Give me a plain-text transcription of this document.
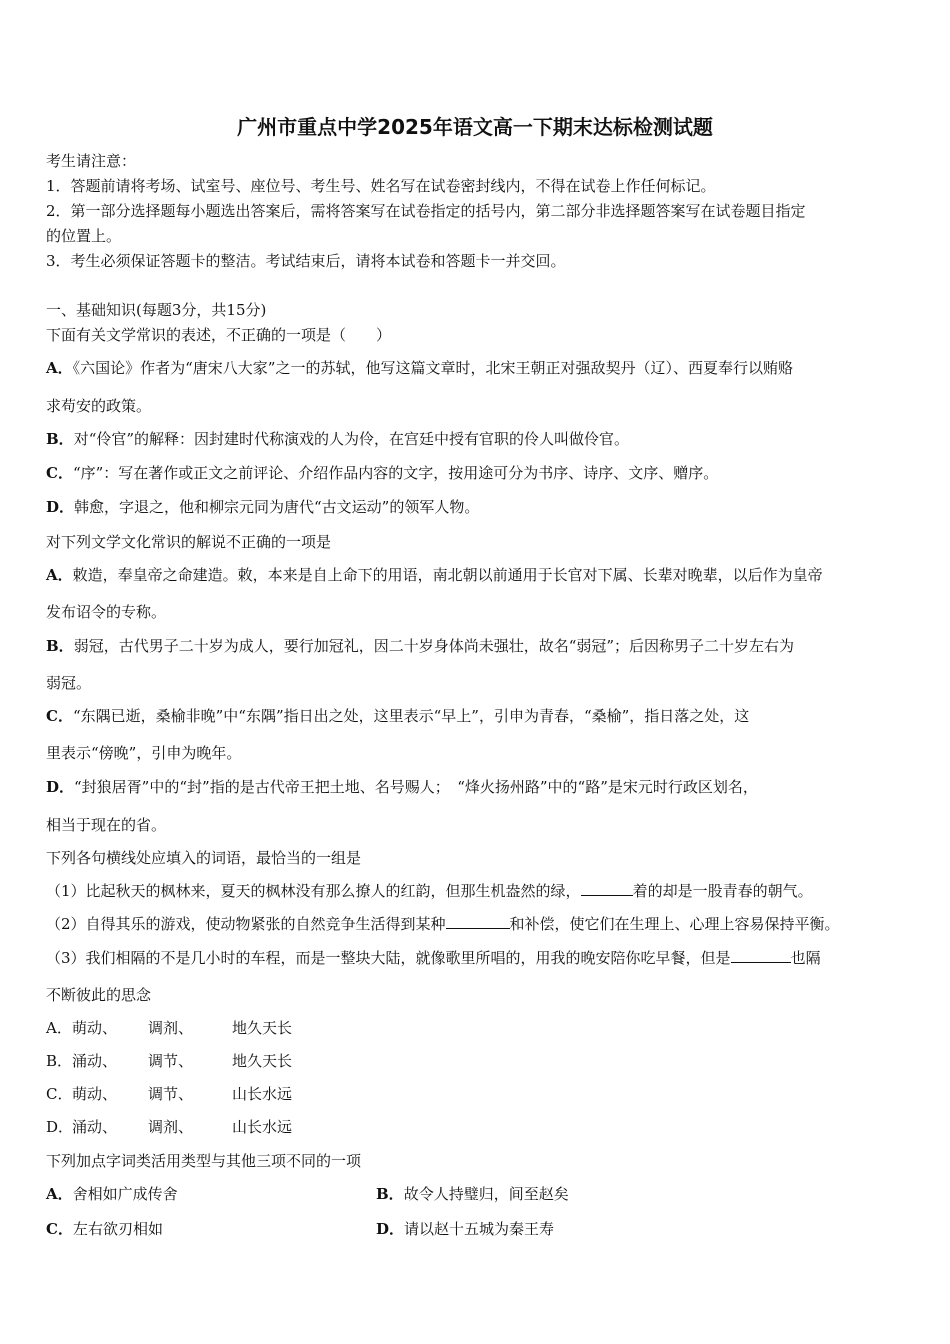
广州市重点中学2025年语文高一下期末达标检测试题
考生请注意：
1．答题前请将考场、试室号、座位号、考生号、姓名写在试卷密封线内，不得在试卷上作任何标记。
2．第一部分选择题每小题选出答案后，需将答案写在试卷指定的括号内，第二部分非选择题答案写在试卷题目指定
的位置上。
3．考生必须保证答题卡的整洁。考试结束后，请将本试卷和答题卡一并交回。
一、基础知识(每题3分，共15分)
下面有关文学常识的表述，不正确的一项是（　　）
A．《六国论》作者为“唐宋八大家”之一的苏轼，他写这篇文章时，北宋王朝正对强敌契丹（辽）、西夏奉行以贿赂
求苟安的政策。
B．对“伶官”的解释：因封建时代称演戏的人为伶，在宫廷中授有官职的伶人叫做伶官。
C．“序”：写在著作或正文之前评论、介绍作品内容的文字，按用途可分为书序、诗序、文序、赠序。
D．韩愈，字退之，他和柳宗元同为唐代“古文运动”的领军人物。
对下列文学文化常识的解说不正确的一项是
A．敕造，奉皇帝之命建造。敕，本来是自上命下的用语，南北朝以前通用于长官对下属、长辈对晚辈，以后作为皇帝
发布诏令的专称。
B．弱冠，古代男子二十岁为成人，要行加冠礼，因二十岁身体尚未强壮，故名“弱冠”；后因称男子二十岁左右为
弱冠。
C．“东隅已逝，桑榆非晚”中“东隅”指日出之处，这里表示“早上”，引申为青春，“桑榆”，指日落之处，这
里表示“傍晚”，引申为晚年。
D．“封狼居胥”中的“封”指的是古代帝王把土地、名号赐人；　“烽火扬州路”中的“路”是宋元时行政区划名，
相当于现在的省。
下列各句横线处应填入的词语，最恰当的一组是
（1）比起秋天的枫林来，夏天的枫林没有那么撩人的红韵，但那生机盎然的绿，	着的却是一股青春的朝气。
（2）自得其乐的游戏，使动物紧张的自然竞争生活得到某种	和补偿，使它们在生理上、心理上容易保持平衡。
（3）我们相隔的不是几小时的车程，而是一整块大陆，就像歌里所唱的，用我的晚安陪你吃早餐，但是	也隔
不断彼此的思念
A．萌动、 调剂、	地久天长
B．涌动、 调节、	地久天长
C．萌动、 调节、	山长水远
D．涌动、 调剂、	山长水远
下列加点字词类活用类型与其他三项不同的一项
A．舍相如广成传舍	B．故令人持璧归，间至赵矣
C．左右欲刃相如	D．请以赵十五城为秦王寿
